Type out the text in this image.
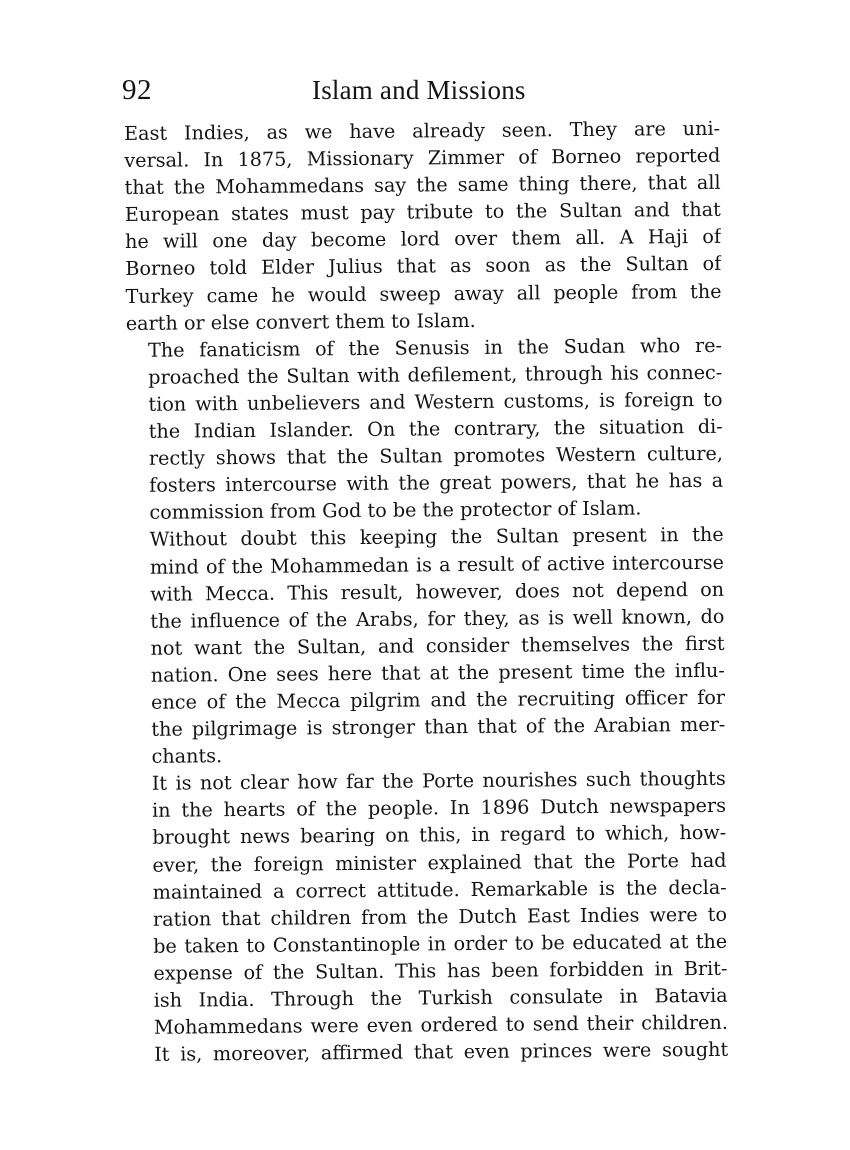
92	Islam and Missions
East Indies, as we have already seen. They are uni-
versal. In 1875, Missionary Zimmer of Borneo reported
that the Mohammedans say the same thing there, that all
European states must pay tribute to the Sultan and that
he will one day become lord over them all. A Haji of
Borneo told Elder Julius that as soon as the Sultan of
Turkey came he would sweep away all people from the
earth or else convert them to Islam.
The fanaticism of the Senusis in the Sudan who re-
proached the Sultan with defilement, through his connec-
tion with unbelievers and Western customs, is foreign to
the Indian Islander. On the contrary, the situation di-
rectly shows that the Sultan promotes Western culture,
fosters intercourse with the great powers, that he has a
commission from God to be the protector of Islam.
Without doubt this keeping the Sultan present in the
mind of the Mohammedan is a result of active intercourse
with Mecca. This result, however, does not depend on
the influence of the Arabs, for they, as is well known, do
not want the Sultan, and consider themselves the first
nation. One sees here that at the present time the influ-
ence of the Mecca pilgrim and the recruiting officer for
the pilgrimage is stronger than that of the Arabian mer-
chants.
It is not clear how far the Porte nourishes such thoughts
in the hearts of the people. In 1896 Dutch newspapers
brought news bearing on this, in regard to which, how-
ever, the foreign minister explained that the Porte had
maintained a correct attitude. Remarkable is the decla-
ration that children from the Dutch East Indies were to
be taken to Constantinople in order to be educated at the
expense of the Sultan. This has been forbidden in Brit-
ish India. Through the Turkish consulate in Batavia
Mohammedans were even ordered to send their children.
It is, moreover, affirmed that even princes were sought
